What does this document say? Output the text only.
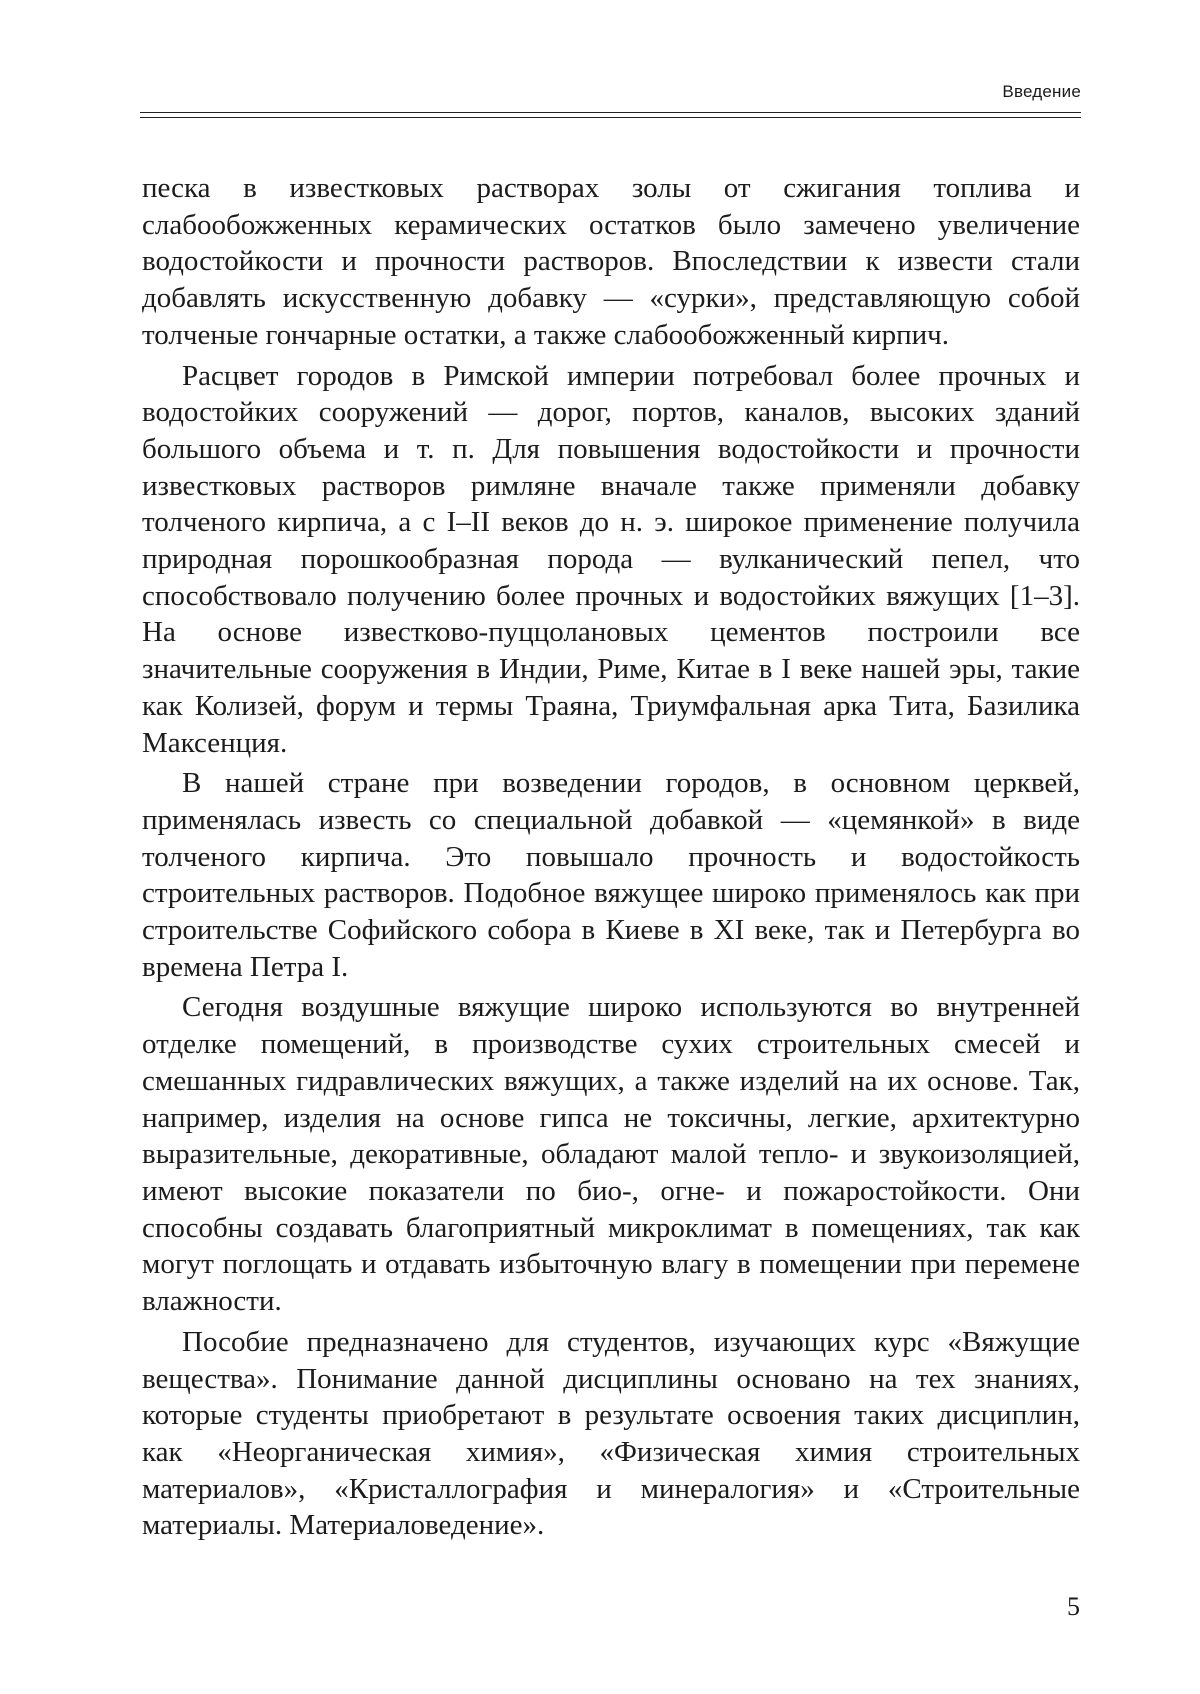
Введение

песка в известковых растворах золы от сжигания топлива и слабообожженных керамических остатков было замечено увеличение водостойкости и прочности растворов. Впоследствии к извести стали добавлять искусственную добавку — «сурки», представляющую собой толченые гончарные остатки, а также слабообожженный кирпич.

Расцвет городов в Римской империи потребовал более прочных и водостойких сооружений — дорог, портов, каналов, высоких зданий большого объема и т. п. Для повышения водостойкости и прочности известковых растворов римляне вначале также применяли добавку толченого кирпича, а с I–II веков до н. э. широкое применение получила природная порошкообразная порода — вулканический пепел, что способствовало получению более прочных и водостойких вяжущих [1–3]. На основе известково-пуццолановых цементов построили все значительные сооружения в Индии, Риме, Китае в I веке нашей эры, такие как Колизей, форум и термы Траяна, Триумфальная арка Тита, Базилика Максенция.

В нашей стране при возведении городов, в основном церквей, применялась известь со специальной добавкой — «цемянкой» в виде толченого кирпича. Это повышало прочность и водостойкость строительных растворов. Подобное вяжущее широко применялось как при строительстве Софийского собора в Киеве в XI веке, так и Петербурга во времена Петра I.

Сегодня воздушные вяжущие широко используются во внутренней отделке помещений, в производстве сухих строительных смесей и смешанных гидравлических вяжущих, а также изделий на их основе. Так, например, изделия на основе гипса не токсичны, легкие, архитектурно выразительные, декоративные, обладают малой тепло- и звукоизоляцией, имеют высокие показатели по био-, огне- и пожаростойкости. Они способны создавать благоприятный микроклимат в помещениях, так как могут поглощать и отдавать избыточную влагу в помещении при перемене влажности.

Пособие предназначено для студентов, изучающих курс «Вяжущие вещества». Понимание данной дисциплины основано на тех знаниях, которые студенты приобретают в результате освоения таких дисциплин, как «Неорганическая химия», «Физическая химия строительных материалов», «Кристаллография и минералогия» и «Строительные материалы. Материаловедение».

5
